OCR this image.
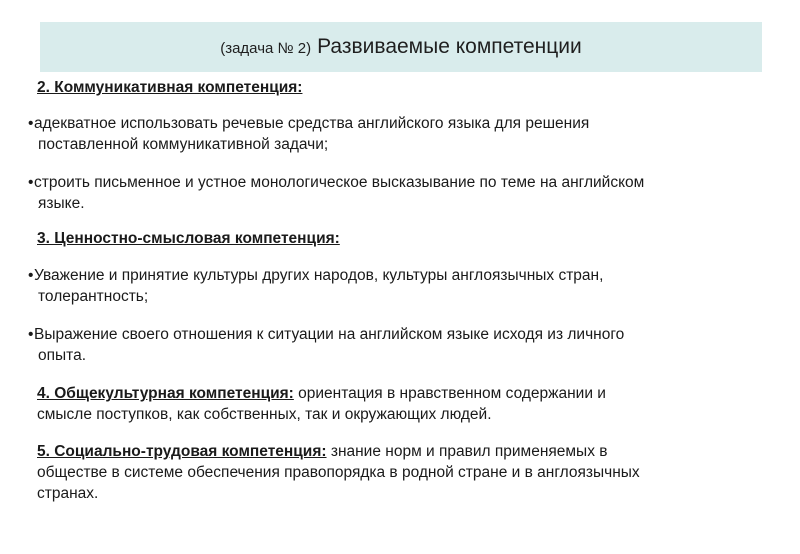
(задача № 2) Развиваемые компетенции
2. Коммуникативная компетенция:
• адекватное использовать речевые средства английского языка для решения
поставленной коммуникативной задачи;
• строить письменное и устное монологическое высказывание по теме на английском
языке.
3. Ценностно-смысловая компетенция:
• Уважение и принятие культуры других народов, культуры англоязычных стран,
толерантность;
• Выражение своего отношения к ситуации на английском языке исходя из личного
опыта.
4. Общекультурная компетенция: ориентация в нравственном содержании и
смысле поступков, как собственных, так и окружающих людей.
5. Социально-трудовая компетенция: знание норм и правил применяемых в
обществе в системе обеспечения правопорядка в родной стране и в англоязычных
странах.
